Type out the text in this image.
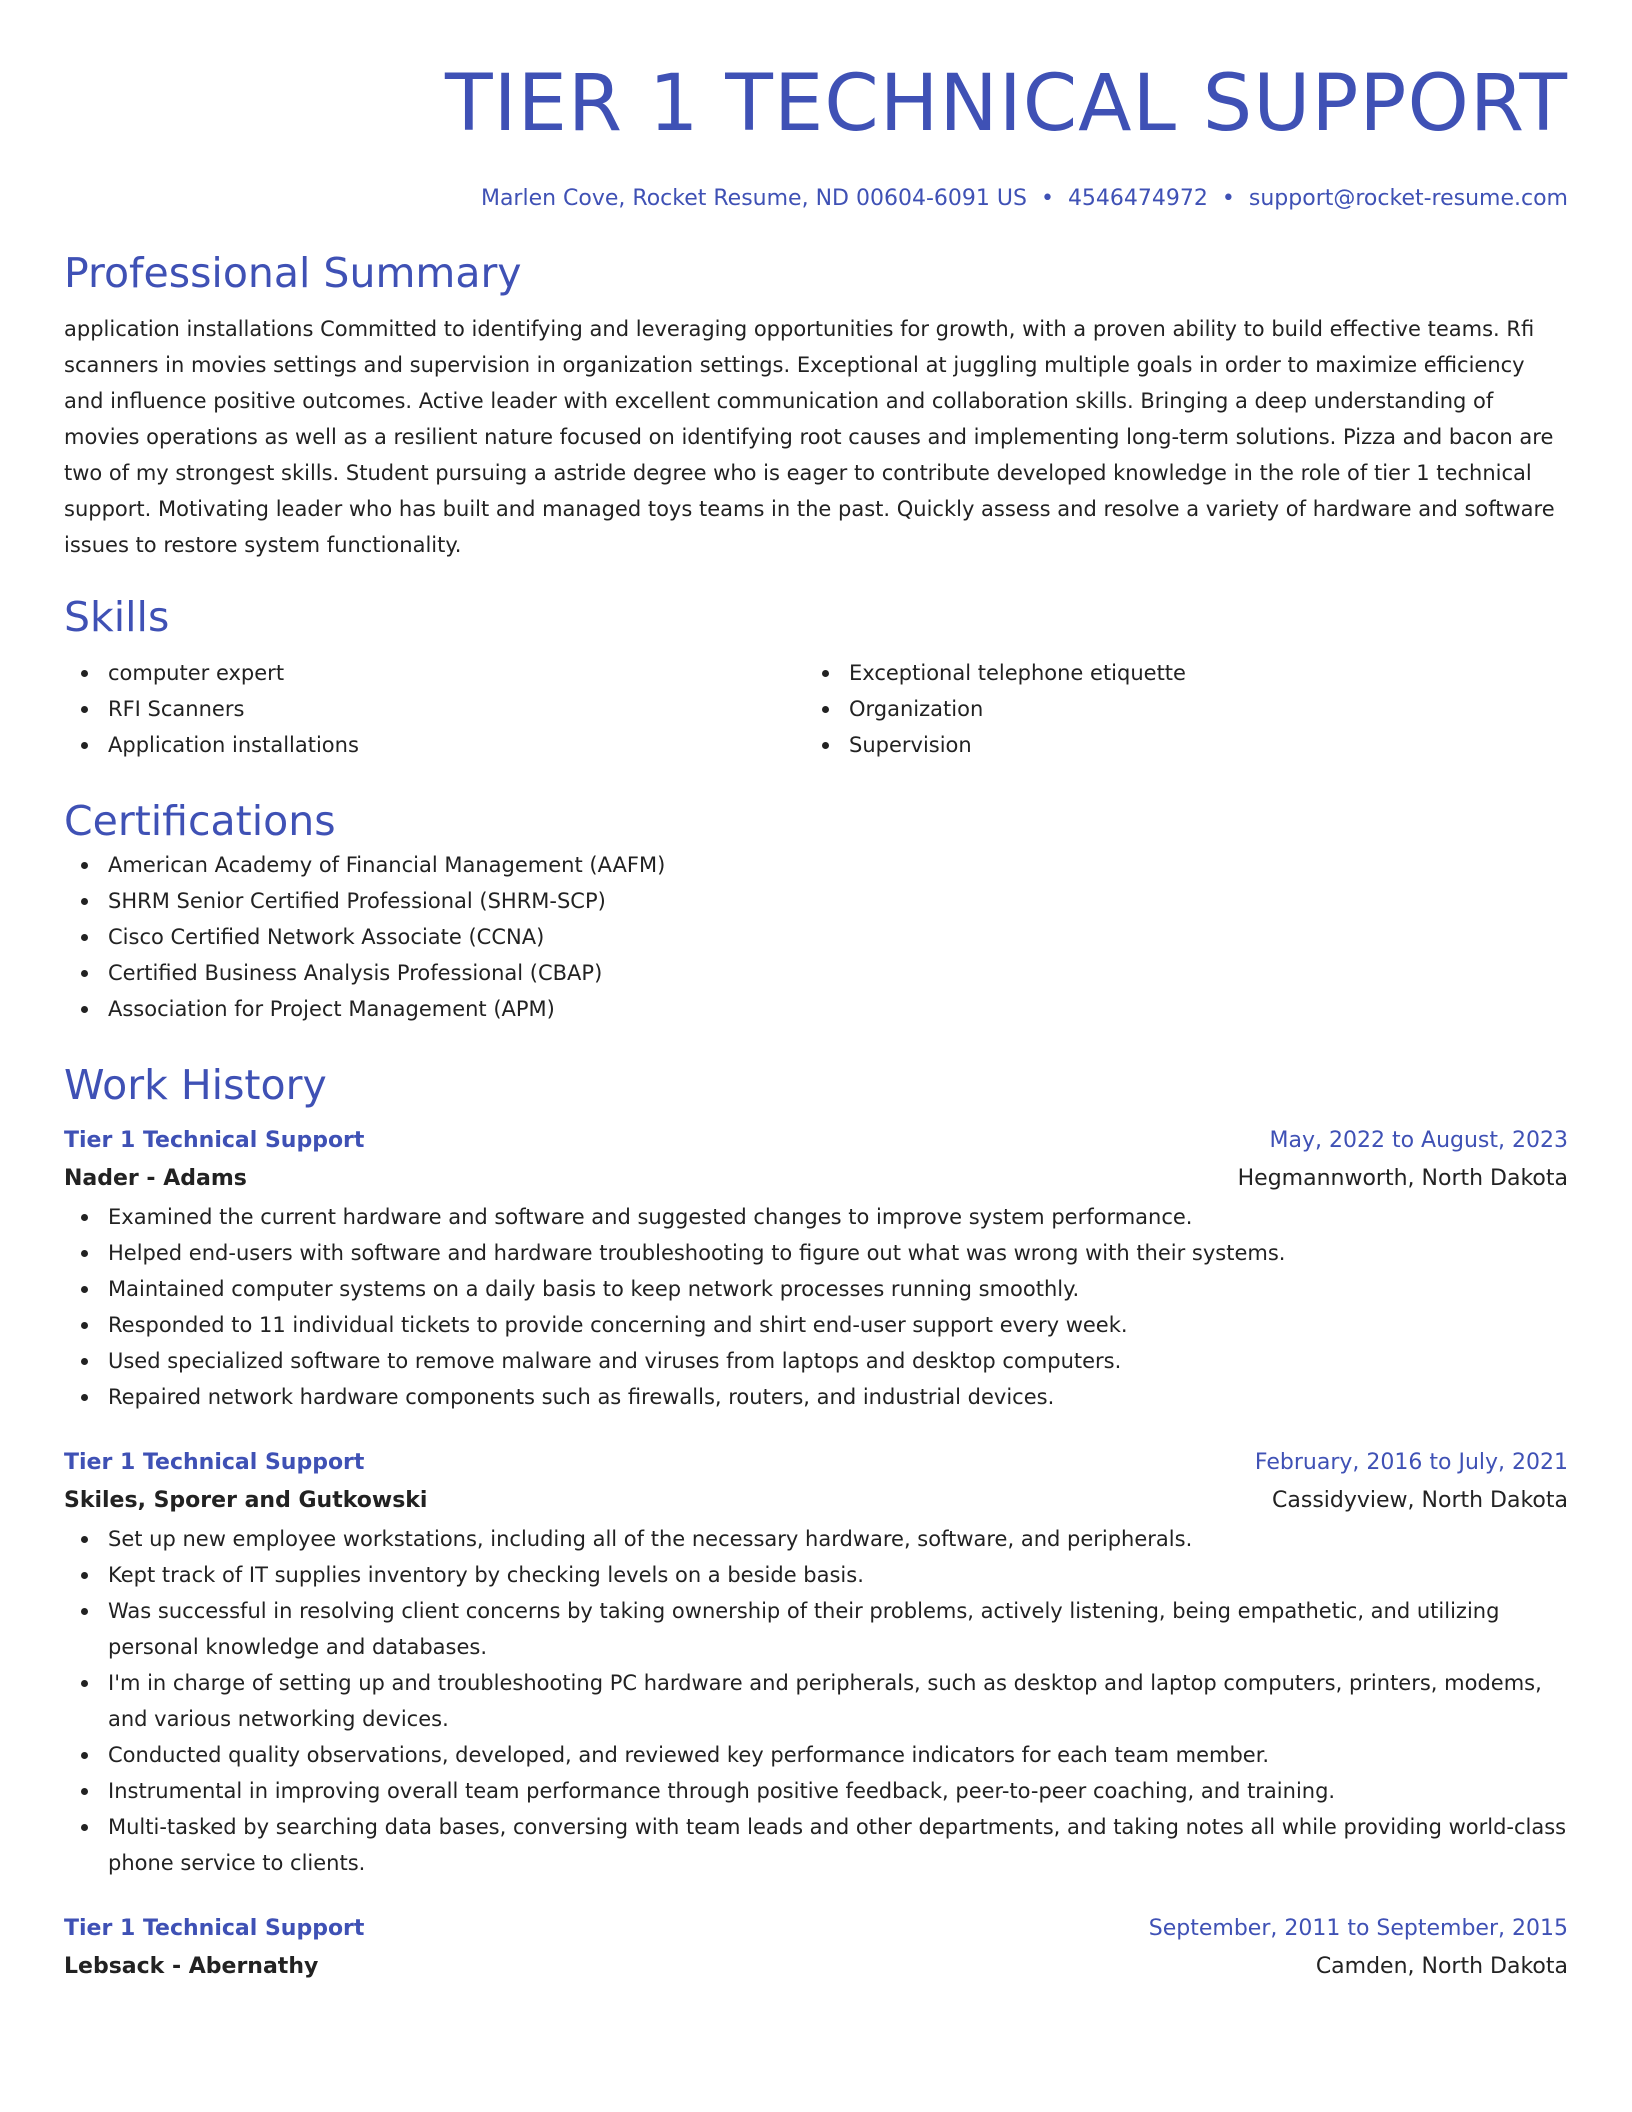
TIER 1 TECHNICAL SUPPORT
Marlen Cove, Rocket Resume, ND 00604-6091 US • 4546474972 • support@rocket-resume.com
Professional Summary

application installations Committed to identifying and leveraging opportunities for growth, with a proven ability to build effective teams. Rfi scanners in movies settings and supervision in organization settings. Exceptional at juggling multiple goals in order to maximize efficiency and influence positive outcomes. Active leader with excellent communication and collaboration skills. Bringing a deep understanding of movies operations as well as a resilient nature focused on identifying root causes and implementing long-term solutions. Pizza and bacon are two of my strongest skills. Student pursuing a astride degree who is eager to contribute developed knowledge in the role of tier 1 technical support. Motivating leader who has built and managed toys teams in the past. Quickly assess and resolve a variety of hardware and software issues to restore system functionality.

Skills
computer expert
RFI Scanners
Application installations
Exceptional telephone etiquette
Organization
Supervision
Certifications
American Academy of Financial Management (AAFM)
SHRM Senior Certified Professional (SHRM-SCP)
Cisco Certified Network Associate (CCNA)
Certified Business Analysis Professional (CBAP)
Association for Project Management (APM)
Work History
Tier 1 Technical Support	May, 2022 to August, 2023
Nader - Adams	Hegmannworth, North Dakota
Examined the current hardware and software and suggested changes to improve system performance.
Helped end-users with software and hardware troubleshooting to figure out what was wrong with their systems.
Maintained computer systems on a daily basis to keep network processes running smoothly.
Responded to 11 individual tickets to provide concerning and shirt end-user support every week.
Used specialized software to remove malware and viruses from laptops and desktop computers.
Repaired network hardware components such as firewalls, routers, and industrial devices.
Tier 1 Technical Support	February, 2016 to July, 2021
Skiles, Sporer and Gutkowski	Cassidyview, North Dakota
Set up new employee workstations, including all of the necessary hardware, software, and peripherals.
Kept track of IT supplies inventory by checking levels on a beside basis.
Was successful in resolving client concerns by taking ownership of their problems, actively listening, being empathetic, and utilizing personal knowledge and databases.
I'm in charge of setting up and troubleshooting PC hardware and peripherals, such as desktop and laptop computers, printers, modems, and various networking devices.
Conducted quality observations, developed, and reviewed key performance indicators for each team member.
Instrumental in improving overall team performance through positive feedback, peer-to-peer coaching, and training.
Multi-tasked by searching data bases, conversing with team leads and other departments, and taking notes all while providing world-class phone service to clients.
Tier 1 Technical Support	September, 2011 to September, 2015
Lebsack - Abernathy	Camden, North Dakota
